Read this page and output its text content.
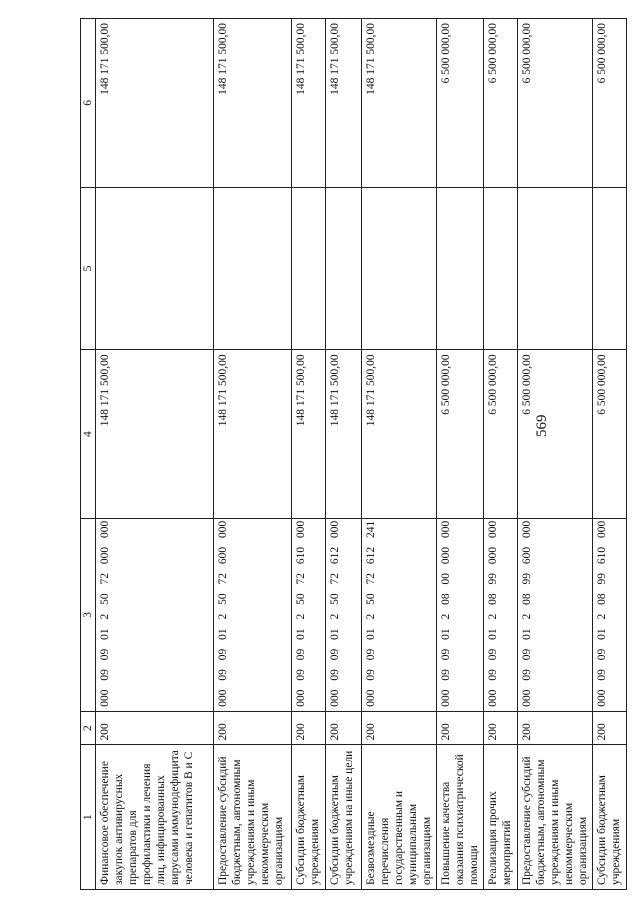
569
1	2	3	4	5	6
Финансовое обеспечение закупок антивирусных препаратов для профилактики и лечения лиц, инфицированных вирусами иммунодефицита человека и гепатитов В и С	200	000 09 09 01 2 50 72 000 000	148 171 500,00		148 171 500,00
Предоставление субсидий бюджетным, автономным учреждениям и иным некоммерческим организациям	200	000 09 09 01 2 50 72 600 000	148 171 500,00		148 171 500,00
Субсидии бюджетным учреждениям	200	000 09 09 01 2 50 72 610 000	148 171 500,00		148 171 500,00
Субсидии бюджетным учреждениям на иные цели	200	000 09 09 01 2 50 72 612 000	148 171 500,00		148 171 500,00
Безвозмездные перечисления государственным и муниципальным организациям	200	000 09 09 01 2 50 72 612 241	148 171 500,00		148 171 500,00
Повышение качества оказания психиатрической помощи	200	000 09 09 01 2 08 00 000 000	6 500 000,00		6 500 000,00
Реализация прочих мероприятий	200	000 09 09 01 2 08 99 000 000	6 500 000,00		6 500 000,00
Предоставление субсидий бюджетным, автономным учреждениям и иным некоммерческим организациям	200	000 09 09 01 2 08 99 600 000	6 500 000,00		6 500 000,00
Субсидии бюджетным учреждениям	200	000 09 09 01 2 08 99 610 000	6 500 000,00		6 500 000,00
